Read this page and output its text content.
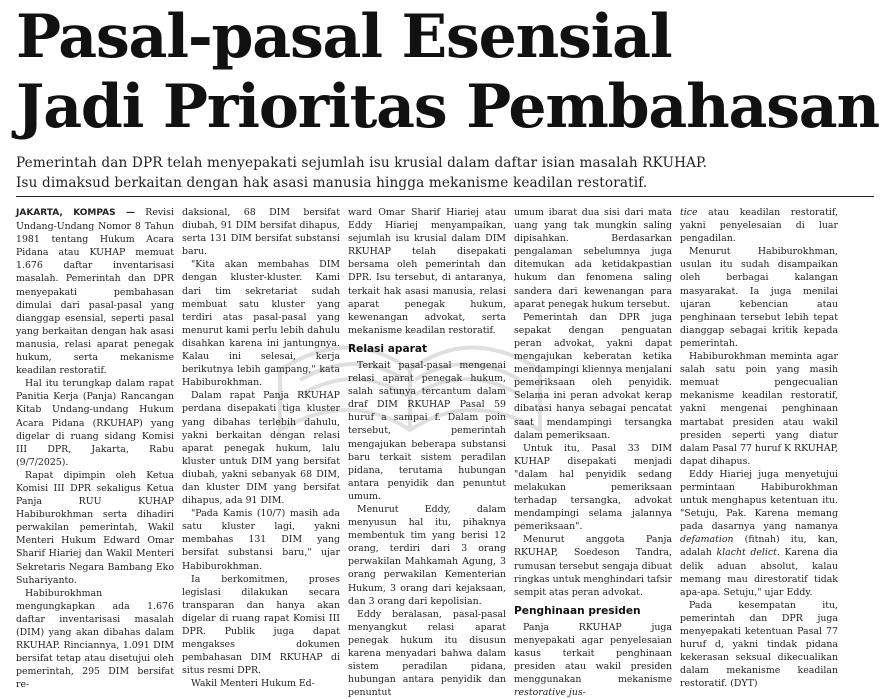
Pasal-pasal Esensial
Jadi Prioritas Pembahasan
Pemerintah dan DPR telah menyepakati sejumlah isu krusial dalam daftar isian masalah RKUHAP.
Isu dimaksud berkaitan dengan hak asasi manusia hingga mekanisme keadilan restoratif.

JAKARTA, KOMPAS — Revisi Undang-Undang Nomor 8 Tahun 1981 tentang Hukum Acara Pidana atau KUHAP memuat 1.676 daftar inventarisasi masalah. Pemerintah dan DPR menyepakati pembahasan dimulai dari pasal-pasal yang dianggap esensial, seperti pasal yang berkaitan dengan hak asasi manusia, relasi aparat penegak hukum, serta mekanisme keadilan restoratif.

Hal itu terungkap dalam rapat Panitia Kerja (Panja) Rancangan Kitab Undang-undang Hukum Acara Pidana (RKUHAP) yang digelar di ruang sidang Komisi III DPR, Jakarta, Rabu (9/7/2025).

Rapat dipimpin oleh Ketua Komisi III DPR sekaligus Ketua Panja RUU KUHAP Habiburokhman serta dihadiri perwakilan pemerintah, Wakil Menteri Hukum Edward Omar Sharif Hiariej dan Wakil Menteri Sekretaris Negara Bambang Eko Suhariyanto.

Habiburokhman mengungkapkan ada 1.676 daftar inventarisasi masalah (DIM) yang akan dibahas dalam RKUHAP. Rinciannya, 1.091 DIM bersifat tetap atau disetujui oleh pemerintah, 295 DIM bersifat re-

daksional, 68 DIM bersifat diubah, 91 DIM bersifat dihapus, serta 131 DIM bersifat substansi baru.

"Kita akan membahas DIM dengan kluster-kluster. Kami dari tim sekretariat sudah membuat satu kluster yang terdiri atas pasal-pasal yang menurut kami perlu lebih dahulu disahkan karena ini jantungnya. Kalau ini selesai, kerja berikutnya lebih gampang," kata Habiburokhman.

Dalam rapat Panja RKUHAP perdana disepakati tiga kluster yang dibahas terlebih dahulu, yakni berkaitan dengan relasi aparat penegak hukum, lalu kluster untuk DIM yang bersifat diubah, yakni sebanyak 68 DIM, dan kluster DIM yang bersifat dihapus, ada 91 DIM.

"Pada Kamis (10/7) masih ada satu kluster lagi, yakni membahas 131 DIM yang bersifat substansi baru," ujar Habiburokhman.

Ia berkomitmen, proses legislasi dilakukan secara transparan dan hanya akan digelar di ruang rapat Komisi III DPR. Publik juga dapat mengakses dokumen pembahasan DIM RKUHAP di situs resmi DPR.

Wakil Menteri Hukum Ed-

ward Omar Sharif Hiariej atau Eddy Hiariej menyampaikan, sejumlah isu krusial dalam DIM RKUHAP telah disepakati bersama oleh pemerintah dan DPR. Isu tersebut, di antaranya, terkait hak asasi manusia, relasi aparat penegak hukum, kewenangan advokat, serta mekanisme keadilan restoratif.

Relasi aparat

Terkait pasal-pasal mengenai relasi aparat penegak hukum, salah satunya tercantum dalam draf DIM RKUHAP Pasal 59 huruf a sampai f. Dalam poin tersebut, pemerintah mengajukan beberapa substansi baru terkait sistem peradilan pidana, terutama hubungan antara penyidik dan penuntut umum.

Menurut Eddy, dalam menyusun hal itu, pihaknya membentuk tim yang berisi 12 orang, terdiri dari 3 orang perwakilan Mahkamah Agung, 3 orang perwakilan Kementerian Hukum, 3 orang dari kejaksaan, dan 3 orang dari kepolisian.

Eddy beralasan, pasal-pasal menyangkut relasi aparat penegak hukum itu disusun karena menyadari bahwa dalam sistem peradilan pidana, hubungan antara penyidik dan penuntut

umum ibarat dua sisi dari mata uang yang tak mungkin saling dipisahkan. Berdasarkan pengalaman sebelumnya juga ditemukan ada ketidakpastian hukum dan fenomena saling sandera dari kewenangan para aparat penegak hukum tersebut.

Pemerintah dan DPR juga sepakat dengan penguatan peran advokat, yakni dapat mengajukan keberatan ketika mendampingi kliennya menjalani pemeriksaan oleh penyidik. Selama ini peran advokat kerap dibatasi hanya sebagai pencatat saat mendampingi tersangka dalam pemeriksaan.

Untuk itu, Pasal 33 DIM KUHAP disepakati menjadi "dalam hal penyidik sedang melakukan pemeriksaan terhadap tersangka, advokat mendampingi selama jalannya pemeriksaan".

Menurut anggota Panja RKUHAP, Soedeson Tandra, rumusan tersebut sengaja dibuat ringkas untuk menghindari tafsir sempit atas peran advokat.

Penghinaan presiden

Panja RKUHAP juga menyepakati agar penyelesaian kasus terkait penghinaan presiden atau wakil presiden menggunakan mekanisme restorative jus-

tice atau keadilan restoratif, yakni penyelesaian di luar pengadilan.

Menurut Habiburokhman, usulan itu sudah disampaikan oleh berbagai kalangan masyarakat. Ia juga menilai ujaran kebencian atau penghinaan tersebut lebih tepat dianggap sebagai kritik kepada pemerintah.

Habiburokhman meminta agar salah satu poin yang masih memuat pengecualian mekanisme keadilan restoratif, yakni mengenai penghinaan martabat presiden atau wakil presiden seperti yang diatur dalam Pasal 77 huruf K RKUHAP, dapat dihapus.

Eddy Hiariej juga menyetujui permintaan Habiburokhman untuk menghapus ketentuan itu. "Setuju, Pak. Karena memang pada dasarnya yang namanya defamation (fitnah) itu, kan, adalah klacht delict. Karena dia delik aduan absolut, kalau memang mau direstoratif tidak apa-apa. Setuju," ujar Eddy.

Pada kesempatan itu, pemerintah dan DPR juga menyepakati ketentuan Pasal 77 huruf d, yakni tindak pidana kekerasan seksual dikecualikan dalam mekanisme keadilan restoratif. (DYT)
